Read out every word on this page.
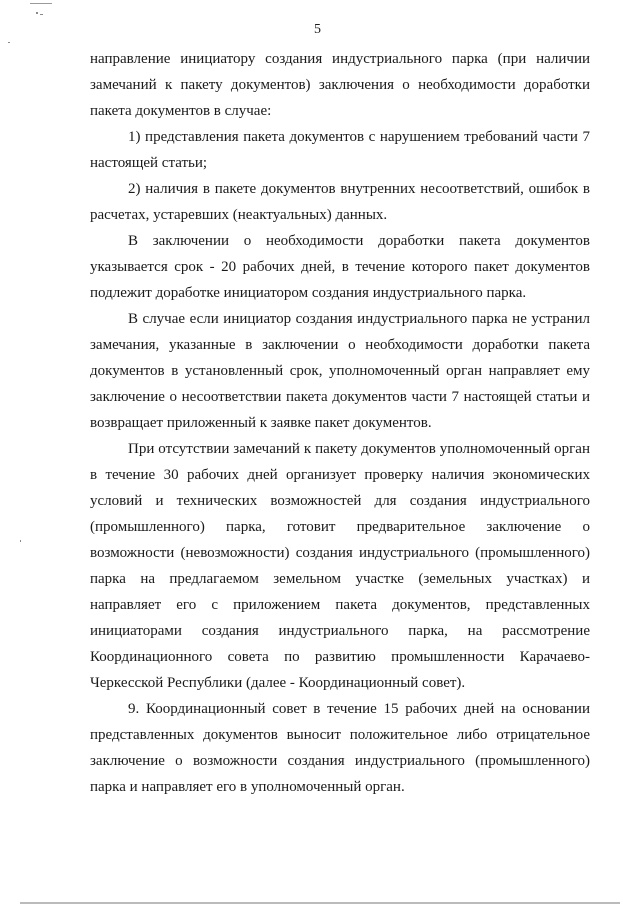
5

направление инициатору создания индустриального парка (при наличии замечаний к пакету документов) заключения о необходимости доработки пакета документов в случае:

1) представления пакета документов с нарушением требований части 7 настоящей статьи;

2) наличия в пакете документов внутренних несоответствий, ошибок в расчетах, устаревших (неактуальных) данных.

В заключении о необходимости доработки пакета документов указывается срок - 20 рабочих дней, в течение которого пакет документов подлежит доработке инициатором создания индустриального парка.

В случае если инициатор создания индустриального парка не устранил замечания, указанные в заключении о необходимости доработки пакета документов в установленный срок, уполномоченный орган направляет ему заключение о несоответствии пакета документов части 7 настоящей статьи и возвращает приложенный к заявке пакет документов.

При отсутствии замечаний к пакету документов уполномоченный орган в течение 30 рабочих дней организует проверку наличия экономических условий и технических возможностей для создания индустриального (промышленного) парка, готовит предварительное заключение о возможности (невозможности) создания индустриального (промышленного) парка на предлагаемом земельном участке (земельных участках) и направляет его с приложением пакета документов, представленных инициаторами создания индустриального парка, на рассмотрение Координационного совета по развитию промышленности Карачаево-Черкесской Республики (далее - Координационный совет).

9. Координационный совет в течение 15 рабочих дней на основании представленных документов выносит положительное либо отрицательное заключение о возможности создания индустриального (промышленного) парка и направляет его в уполномоченный орган.
